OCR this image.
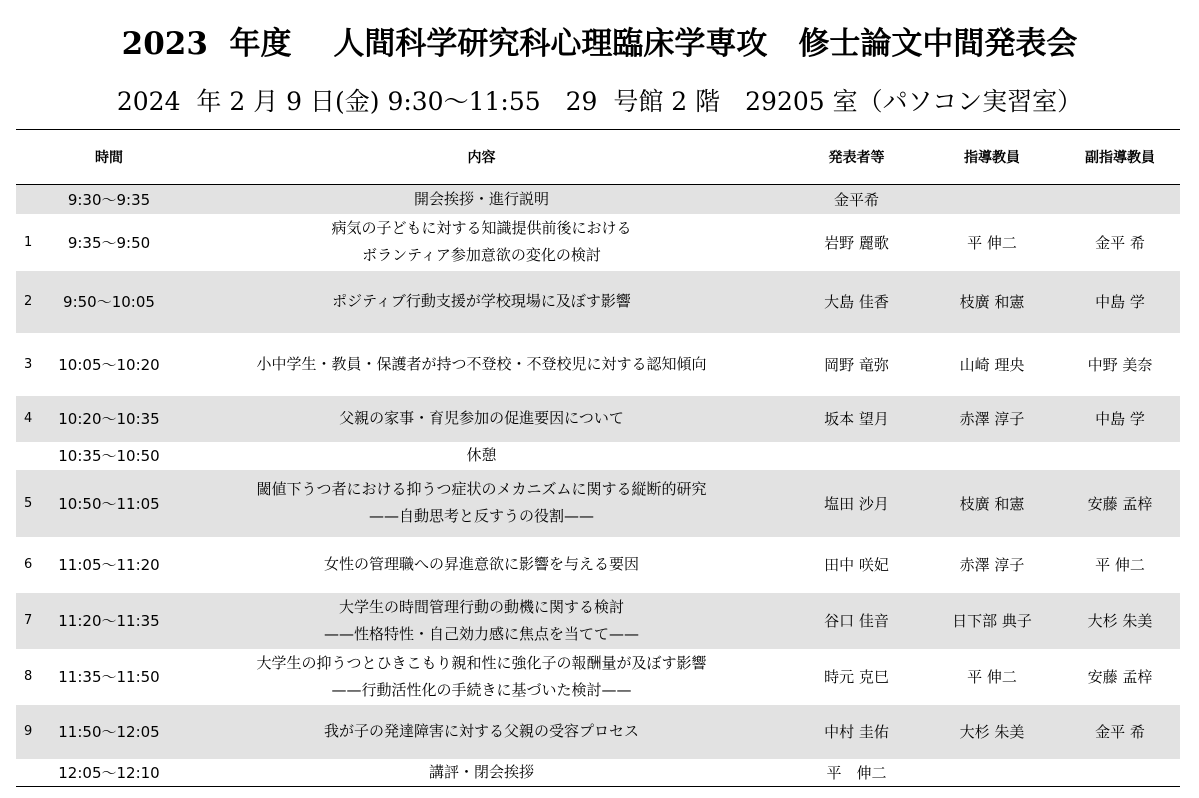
2023  年度　 人間科学研究科心理臨床学専攻　修士論文中間発表会
2024  年 2 月 9 日(金) 9:30〜11:55　29  号館 2 階　29205 室（パソコン実習室）
	時間	内容	発表者等	指導教員	副指導教員
	9:30〜9:35	開会挨拶・進行説明	金平希		
1	9:35〜9:50	病気の子どもに対する知識提供前後における
ボランティア参加意欲の変化の検討	岩野 麗歌	平 伸二	金平 希
2	9:50〜10:05	ポジティブ行動支援が学校現場に及ぼす影響	大島 佳香	枝廣 和憲	中島 学
3	10:05〜10:20	小中学生・教員・保護者が持つ不登校・不登校児に対する認知傾向	岡野 竜弥	山崎 理央	中野 美奈
4	10:20〜10:35	父親の家事・育児参加の促進要因について	坂本 望月	赤澤 淳子	中島 学
	10:35〜10:50	休憩			

5	10:50〜11:05	閾値下うつ者における抑うつ症状のメカニズムに関する縦断的研究
——自動思考と反すうの役割——	塩田 沙月	枝廣 和憲	安藤 孟梓
6	11:05〜11:20	女性の管理職への昇進意欲に影響を与える要因	田中 咲妃	赤澤 淳子	平 伸二
7	11:20〜11:35	大学生の時間管理行動の動機に関する検討
——性格特性・自己効力感に焦点を当てて——	谷口 佳音	日下部 典子	大杉 朱美
8	11:35〜11:50	大学生の抑うつとひきこもり親和性に強化子の報酬量が及ぼす影響
——行動活性化の手続きに基づいた検討——	時元 克巳	平 伸二	安藤 孟梓
9	11:50〜12:05	我が子の発達障害に対する父親の受容プロセス	中村 圭佑	大杉 朱美	金平 希
	12:05〜12:10	講評・閉会挨拶	平　伸二		
